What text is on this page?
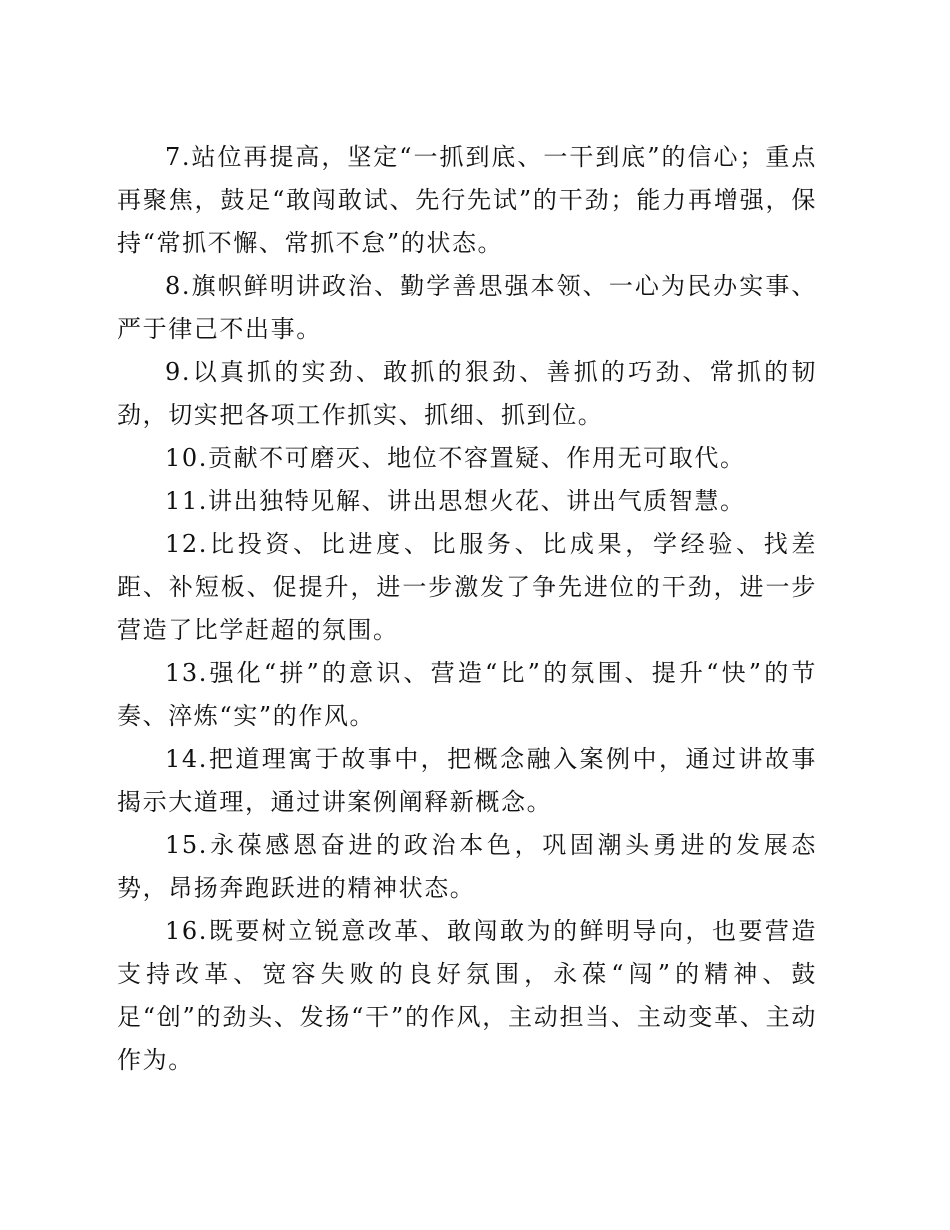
7.站位再提高，坚定“一抓到底、一干到底”的信心；重点再聚焦，鼓足“敢闯敢试、先行先试”的干劲；能力再增强，保持“常抓不懈、常抓不怠”的状态。

8.旗帜鲜明讲政治、勤学善思强本领、一心为民办实事、严于律己不出事。

9.以真抓的实劲、敢抓的狠劲、善抓的巧劲、常抓的韧劲，切实把各项工作抓实、抓细、抓到位。

10.贡献不可磨灭、地位不容置疑、作用无可取代。

11.讲出独特见解、讲出思想火花、讲出气质智慧。

12.比投资、比进度、比服务、比成果，学经验、找差距、补短板、促提升，进一步激发了争先进位的干劲，进一步营造了比学赶超的氛围。

13.强化“拼”的意识、营造“比”的氛围、提升“快”的节奏、淬炼“实”的作风。

14.把道理寓于故事中，把概念融入案例中，通过讲故事揭示大道理，通过讲案例阐释新概念。

15.永葆感恩奋进的政治本色，巩固潮头勇进的发展态势，昂扬奔跑跃进的精神状态。

16.既要树立锐意改革、敢闯敢为的鲜明导向，也要营造支持改革、宽容失败的良好氛围，永葆“闯”的精神、鼓足“创”的劲头、发扬“干”的作风，主动担当、主动变革、主动作为。
